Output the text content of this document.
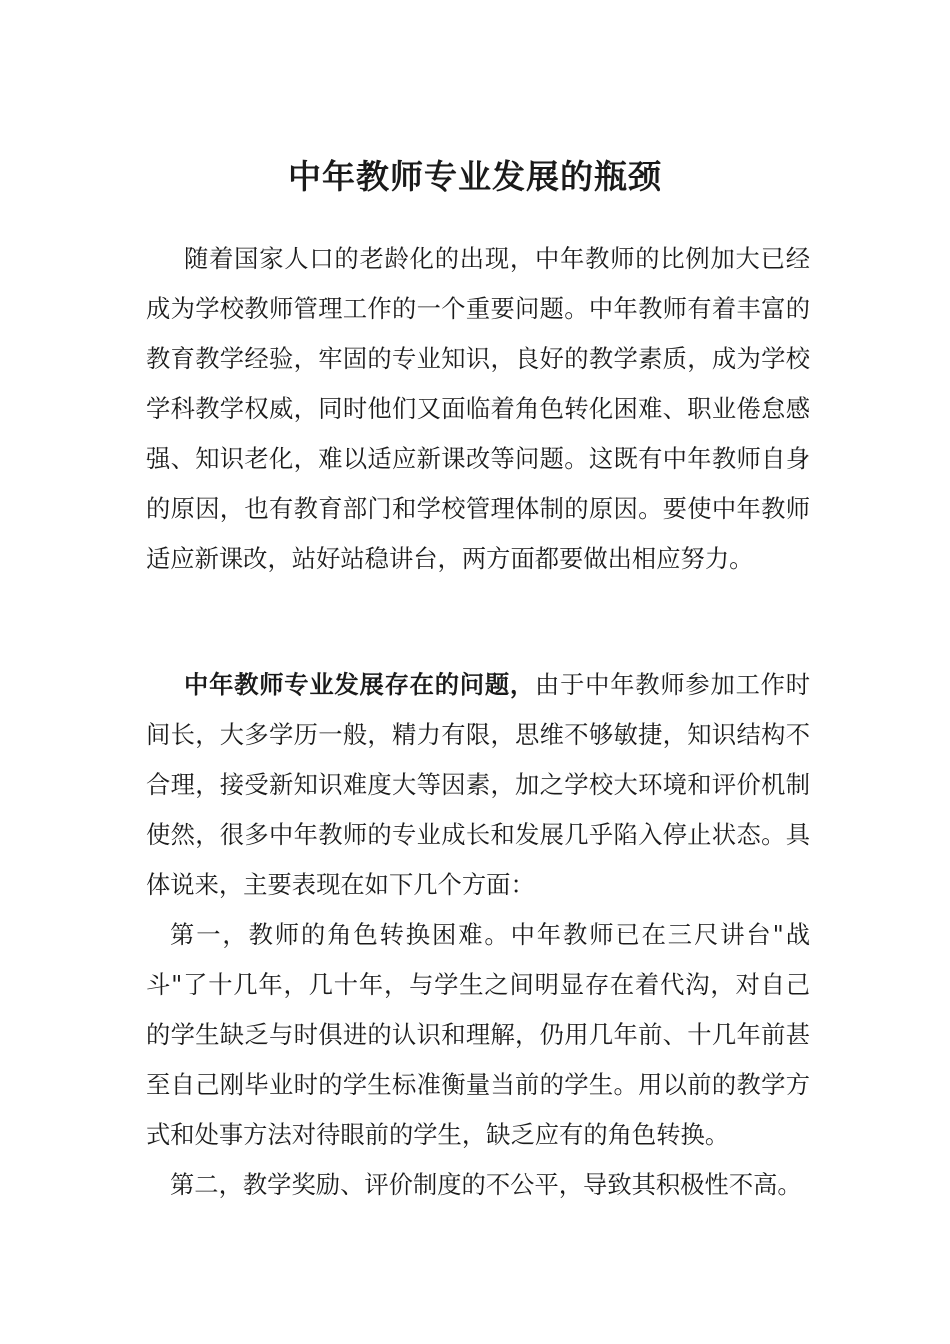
中年教师专业发展的瓶颈

随着国家人口的老龄化的出现，中年教师的比例加大已经成为学校教师管理工作的一个重要问题。中年教师有着丰富的教育教学经验，牢固的专业知识，良好的教学素质，成为学校学科教学权威，同时他们又面临着角色转化困难、职业倦怠感强、知识老化，难以适应新课改等问题。这既有中年教师自身的原因，也有教育部门和学校管理体制的原因。要使中年教师适应新课改，站好站稳讲台，两方面都要做出相应努力。

中年教师专业发展存在的问题，由于中年教师参加工作时间长，大多学历一般，精力有限，思维不够敏捷，知识结构不合理，接受新知识难度大等因素，加之学校大环境和评价机制使然，很多中年教师的专业成长和发展几乎陷入停止状态。具体说来，主要表现在如下几个方面：

第一，教师的角色转换困难。中年教师已在三尺讲台"战斗"了十几年，几十年，与学生之间明显存在着代沟，对自己的学生缺乏与时俱进的认识和理解，仍用几年前、十几年前甚至自己刚毕业时的学生标准衡量当前的学生。用以前的教学方式和处事方法对待眼前的学生，缺乏应有的角色转换。

第二，教学奖励、评价制度的不公平，导致其积极性不高。
